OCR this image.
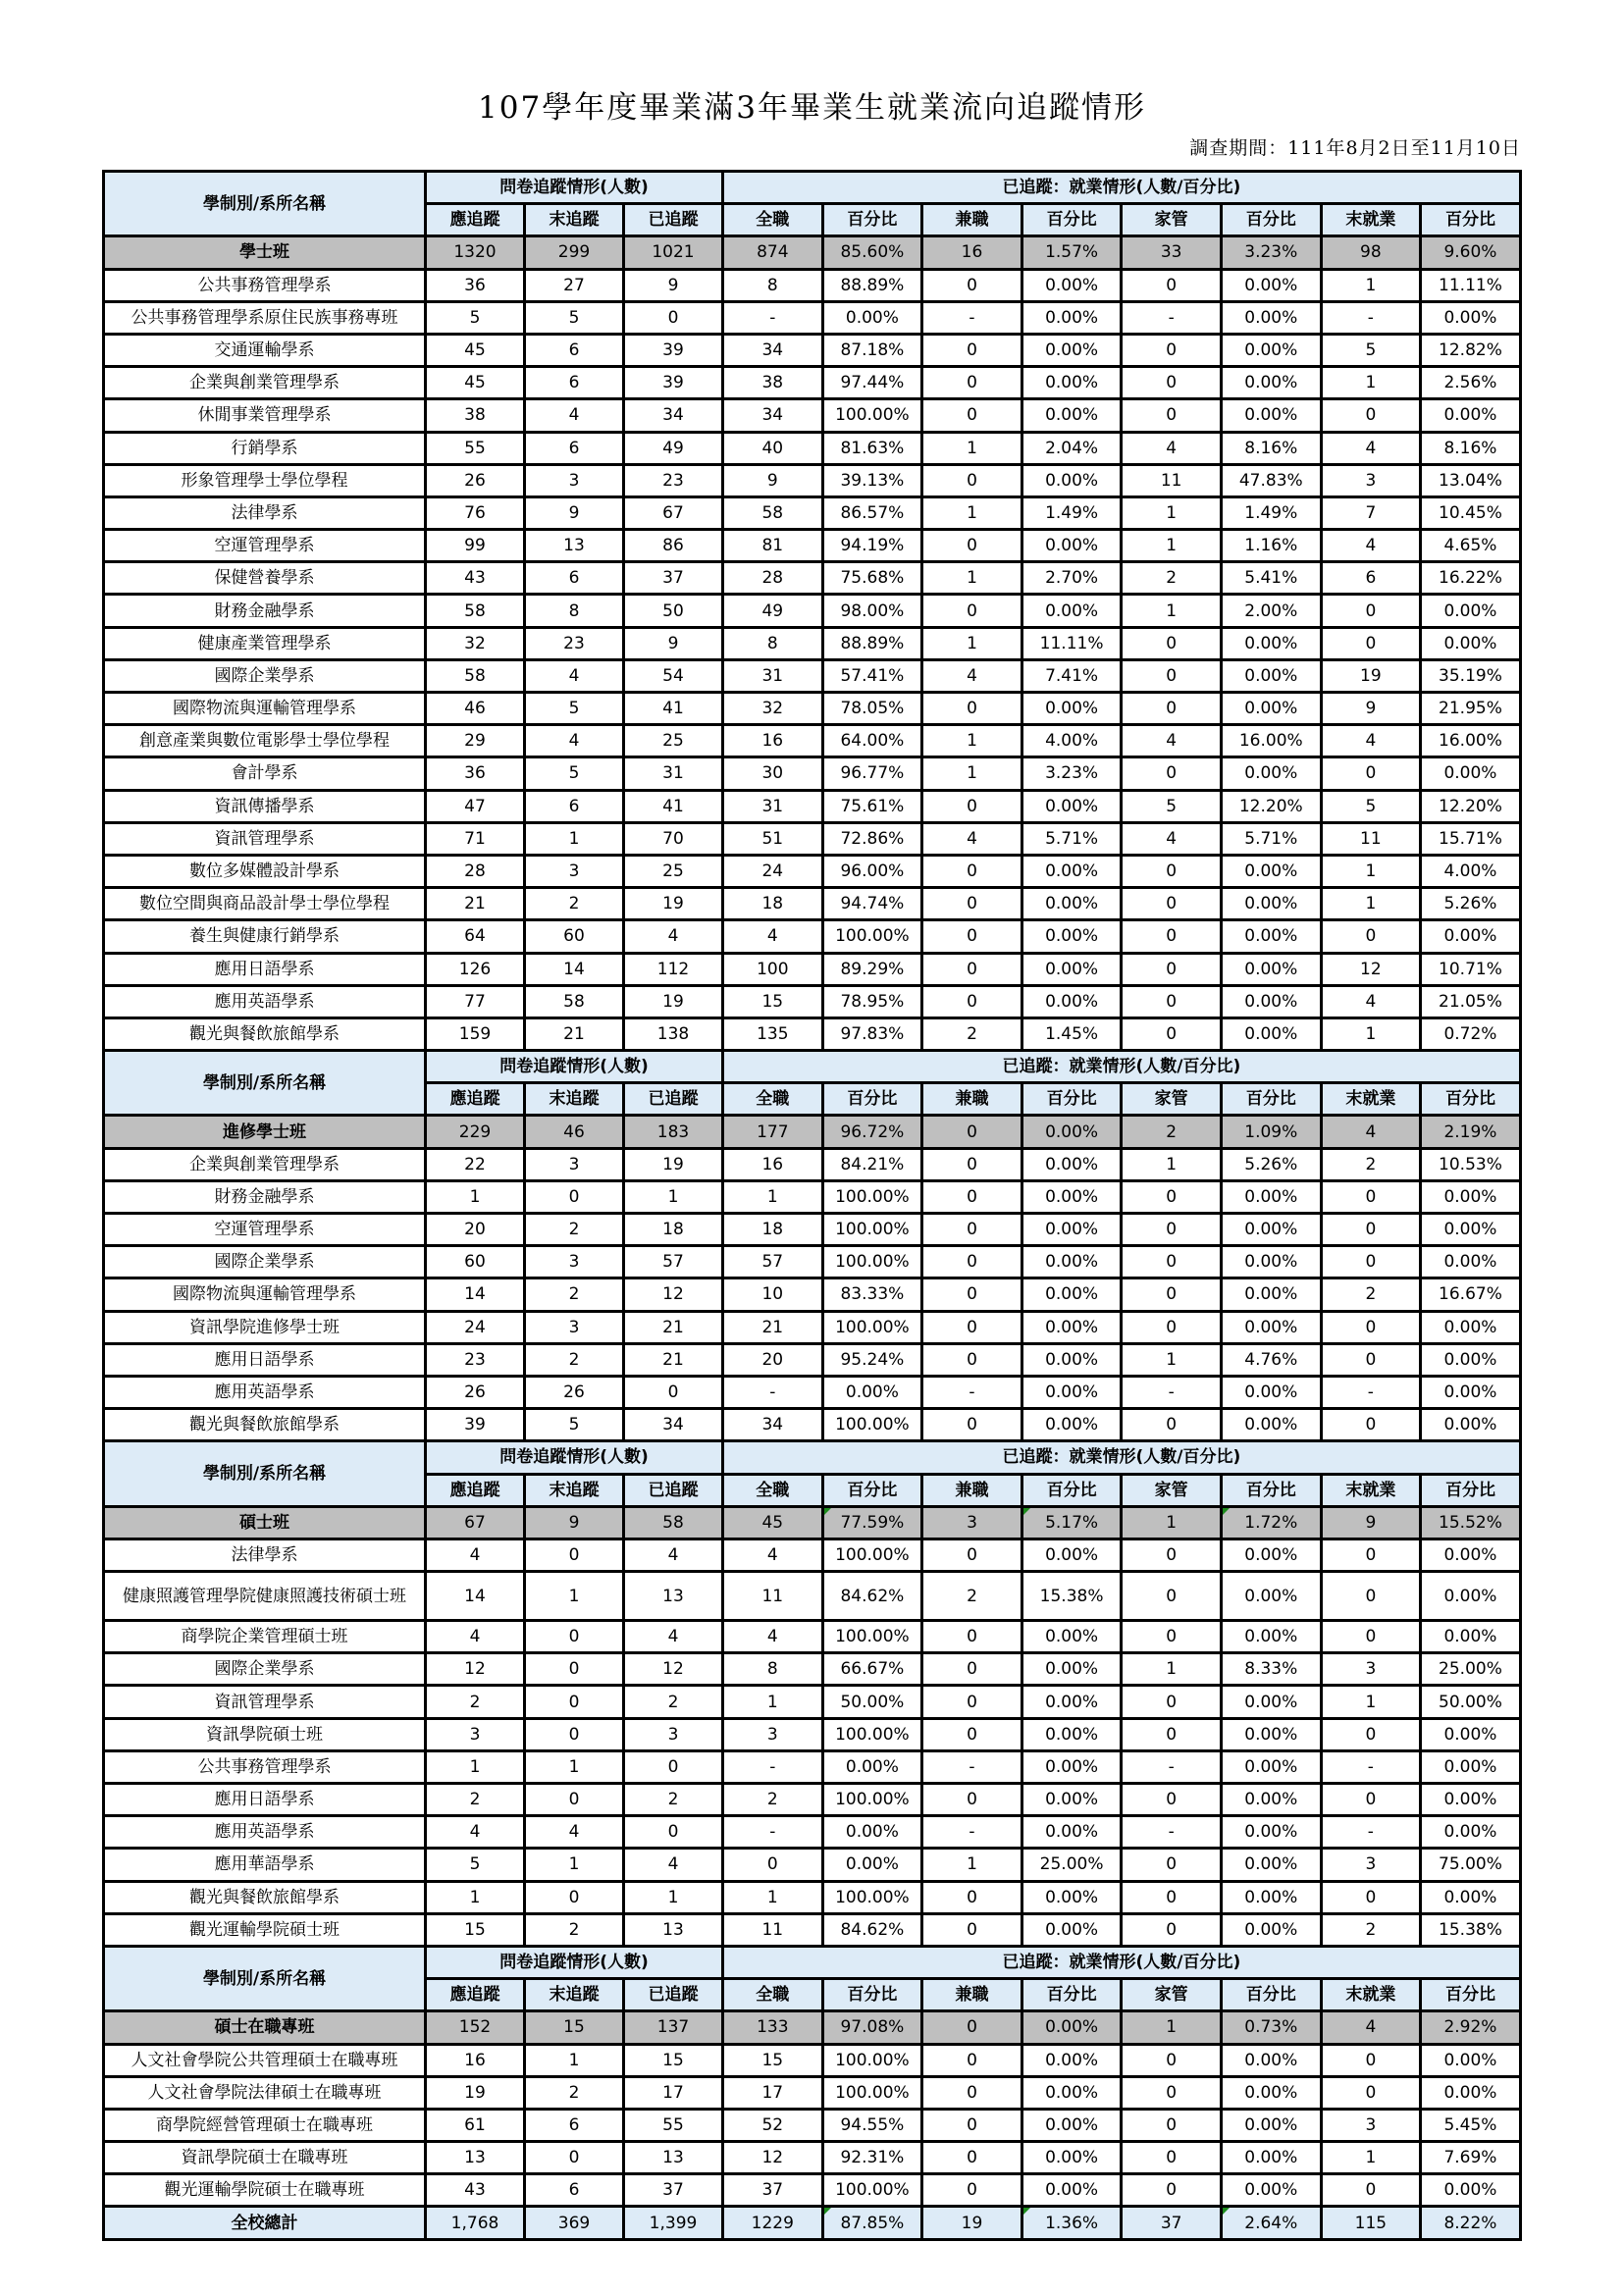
107學年度畢業滿3年畢業生就業流向追蹤情形
調查期間：111年8月2日至11月10日
學制別/系所名稱	問卷追蹤情形(人數)			已追蹤：就業情形(人數/百分比)							
	應追蹤	末追蹤	已追蹤	全職	百分比	兼職	百分比	家管	百分比	末就業	百分比
學士班	1320	299	1021	874	85.60%	16	1.57%	33	3.23%	98	9.60%
公共事務管理學系	36	27	9	8	88.89%	0	0.00%	0	0.00%	1	11.11%
公共事務管理學系原住民族事務專班	5	5	0	-	0.00%	-	0.00%	-	0.00%	-	0.00%
交通運輸學系	45	6	39	34	87.18%	0	0.00%	0	0.00%	5	12.82%
企業與創業管理學系	45	6	39	38	97.44%	0	0.00%	0	0.00%	1	2.56%
休閒事業管理學系	38	4	34	34	100.00%	0	0.00%	0	0.00%	0	0.00%
行銷學系	55	6	49	40	81.63%	1	2.04%	4	8.16%	4	8.16%
形象管理學士學位學程	26	3	23	9	39.13%	0	0.00%	11	47.83%	3	13.04%
法律學系	76	9	67	58	86.57%	1	1.49%	1	1.49%	7	10.45%
空運管理學系	99	13	86	81	94.19%	0	0.00%	1	1.16%	4	4.65%
保健營養學系	43	6	37	28	75.68%	1	2.70%	2	5.41%	6	16.22%
財務金融學系	58	8	50	49	98.00%	0	0.00%	1	2.00%	0	0.00%
健康產業管理學系	32	23	9	8	88.89%	1	11.11%	0	0.00%	0	0.00%
國際企業學系	58	4	54	31	57.41%	4	7.41%	0	0.00%	19	35.19%
國際物流與運輸管理學系	46	5	41	32	78.05%	0	0.00%	0	0.00%	9	21.95%
創意產業與數位電影學士學位學程	29	4	25	16	64.00%	1	4.00%	4	16.00%	4	16.00%
會計學系	36	5	31	30	96.77%	1	3.23%	0	0.00%	0	0.00%
資訊傳播學系	47	6	41	31	75.61%	0	0.00%	5	12.20%	5	12.20%
資訊管理學系	71	1	70	51	72.86%	4	5.71%	4	5.71%	11	15.71%
數位多媒體設計學系	28	3	25	24	96.00%	0	0.00%	0	0.00%	1	4.00%
數位空間與商品設計學士學位學程	21	2	19	18	94.74%	0	0.00%	0	0.00%	1	5.26%
養生與健康行銷學系	64	60	4	4	100.00%	0	0.00%	0	0.00%	0	0.00%
應用日語學系	126	14	112	100	89.29%	0	0.00%	0	0.00%	12	10.71%
應用英語學系	77	58	19	15	78.95%	0	0.00%	0	0.00%	4	21.05%
觀光與餐飲旅館學系	159	21	138	135	97.83%	2	1.45%	0	0.00%	1	0.72%
學制別/系所名稱	問卷追蹤情形(人數)			已追蹤：就業情形(人數/百分比)							
	應追蹤	末追蹤	已追蹤	全職	百分比	兼職	百分比	家管	百分比	末就業	百分比
進修學士班	229	46	183	177	96.72%	0	0.00%	2	1.09%	4	2.19%
企業與創業管理學系	22	3	19	16	84.21%	0	0.00%	1	5.26%	2	10.53%
財務金融學系	1	0	1	1	100.00%	0	0.00%	0	0.00%	0	0.00%
空運管理學系	20	2	18	18	100.00%	0	0.00%	0	0.00%	0	0.00%
國際企業學系	60	3	57	57	100.00%	0	0.00%	0	0.00%	0	0.00%
國際物流與運輸管理學系	14	2	12	10	83.33%	0	0.00%	0	0.00%	2	16.67%
資訊學院進修學士班	24	3	21	21	100.00%	0	0.00%	0	0.00%	0	0.00%
應用日語學系	23	2	21	20	95.24%	0	0.00%	1	4.76%	0	0.00%
應用英語學系	26	26	0	-	0.00%	-	0.00%	-	0.00%	-	0.00%
觀光與餐飲旅館學系	39	5	34	34	100.00%	0	0.00%	0	0.00%	0	0.00%
學制別/系所名稱	問卷追蹤情形(人數)			已追蹤：就業情形(人數/百分比)							
	應追蹤	末追蹤	已追蹤	全職	百分比	兼職	百分比	家管	百分比	末就業	百分比
碩士班	67	9	58	45	77.59%	3	5.17%	1	1.72%	9	15.52%
法律學系	4	0	4	4	100.00%	0	0.00%	0	0.00%	0	0.00%
健康照護管理學院健康照護技術碩士班	14	1	13	11	84.62%	2	15.38%	0	0.00%	0	0.00%
商學院企業管理碩士班	4	0	4	4	100.00%	0	0.00%	0	0.00%	0	0.00%
國際企業學系	12	0	12	8	66.67%	0	0.00%	1	8.33%	3	25.00%
資訊管理學系	2	0	2	1	50.00%	0	0.00%	0	0.00%	1	50.00%
資訊學院碩士班	3	0	3	3	100.00%	0	0.00%	0	0.00%	0	0.00%
公共事務管理學系	1	1	0	-	0.00%	-	0.00%	-	0.00%	-	0.00%
應用日語學系	2	0	2	2	100.00%	0	0.00%	0	0.00%	0	0.00%
應用英語學系	4	4	0	-	0.00%	-	0.00%	-	0.00%	-	0.00%
應用華語學系	5	1	4	0	0.00%	1	25.00%	0	0.00%	3	75.00%
觀光與餐飲旅館學系	1	0	1	1	100.00%	0	0.00%	0	0.00%	0	0.00%
觀光運輸學院碩士班	15	2	13	11	84.62%	0	0.00%	0	0.00%	2	15.38%
學制別/系所名稱	問卷追蹤情形(人數)			已追蹤：就業情形(人數/百分比)							
	應追蹤	末追蹤	已追蹤	全職	百分比	兼職	百分比	家管	百分比	末就業	百分比
碩士在職專班	152	15	137	133	97.08%	0	0.00%	1	0.73%	4	2.92%
人文社會學院公共管理碩士在職專班	16	1	15	15	100.00%	0	0.00%	0	0.00%	0	0.00%
人文社會學院法律碩士在職專班	19	2	17	17	100.00%	0	0.00%	0	0.00%	0	0.00%
商學院經營管理碩士在職專班	61	6	55	52	94.55%	0	0.00%	0	0.00%	3	5.45%
資訊學院碩士在職專班	13	0	13	12	92.31%	0	0.00%	0	0.00%	1	7.69%
觀光運輸學院碩士在職專班	43	6	37	37	100.00%	0	0.00%	0	0.00%	0	0.00%
全校總計	1,768	369	1,399	1229	87.85%	19	1.36%	37	2.64%	115	8.22%
